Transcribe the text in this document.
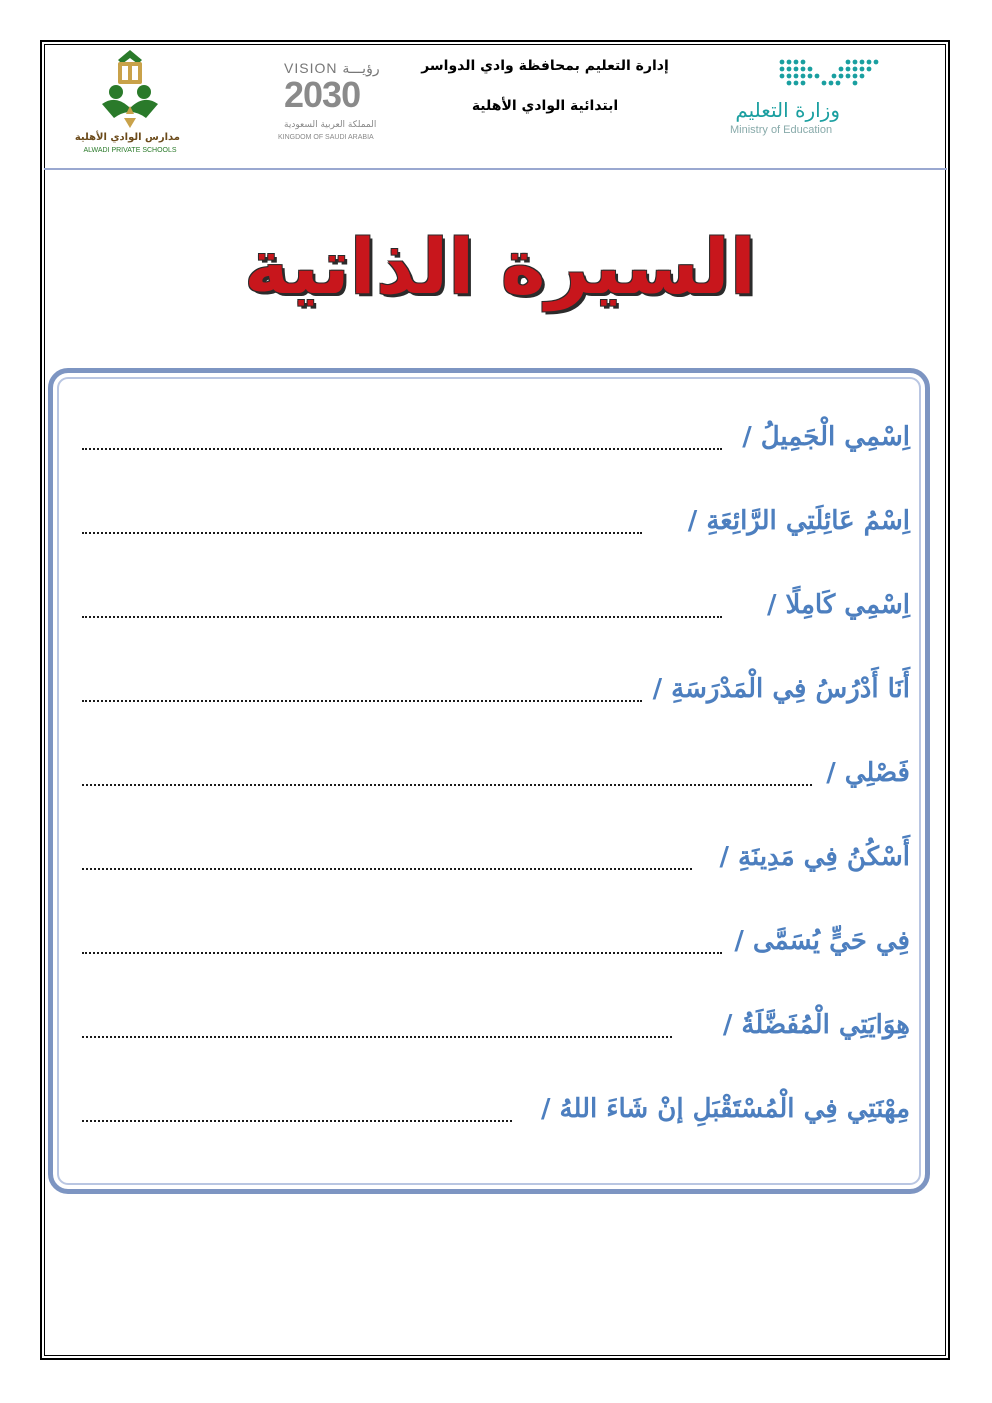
وزارة التعليم
Ministry of Education
إدارة التعليم بمحافظة وادي الدواسر
ابتدائية الوادي الأهلية
VISION رؤيـــة
2030
المملكة العربية السعودية
KINGDOM OF SAUDI ARABIA
مدارس الوادي الأهلية
ALWADI PRIVATE SCHOOLS
السيرة الذاتية
اِسْمِي الْجَمِيلُ /
اِسْمُ عَائِلَتِي الرَّائِعَةِ /
اِسْمِي كَامِلًا /
أَنَا أَدْرُسُ فِي الْمَدْرَسَةِ /
فَصْلِي /
أَسْكُنُ فِي مَدِينَةِ /
فِي حَيٍّ يُسَمَّى /
هِوَايَتِي الْمُفَضَّلَةُ /
مِهْنَتِي فِي الْمُسْتَقْبَلِ إنْ شَاءَ اللهُ /
